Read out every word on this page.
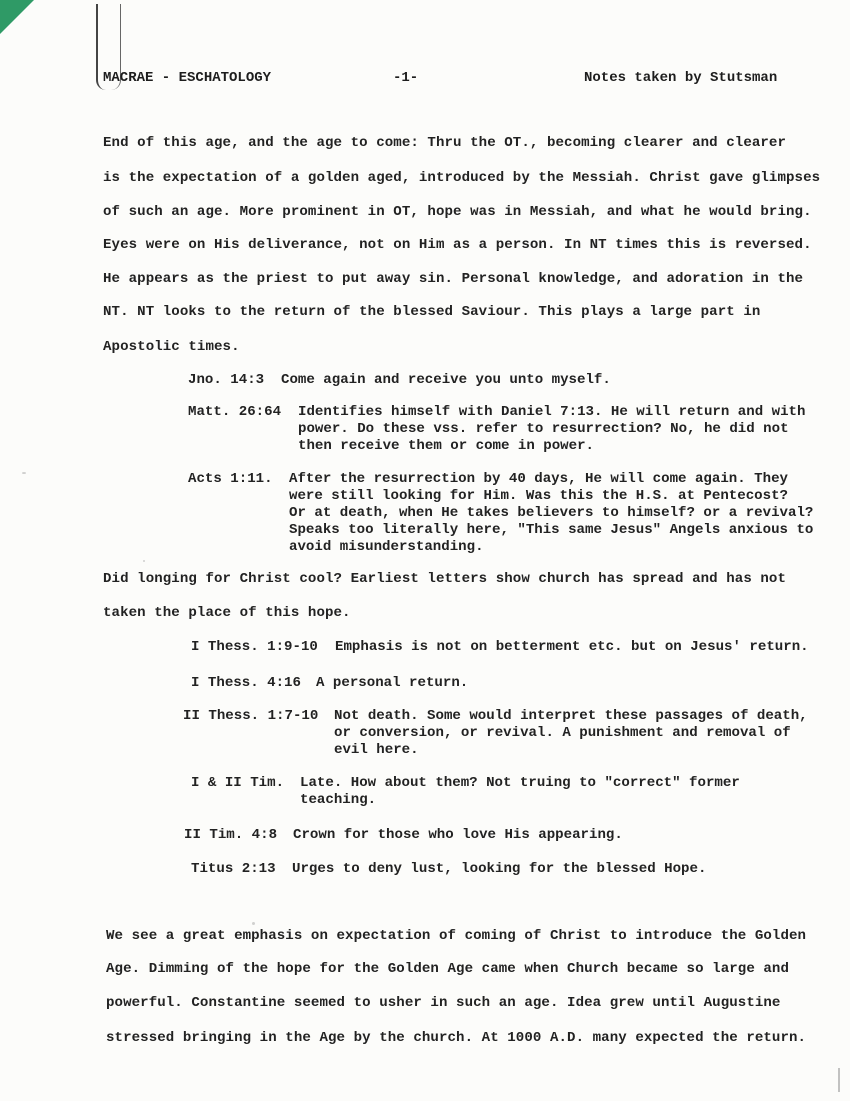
MACRAE - ESCHATOLOGY	-1-	Notes taken by Stutsman

End of this age, and the age to come: Thru the OT., becoming clearer and clearer

is the expectation of a golden aged, introduced by the Messiah. Christ gave glimpses

of such an age. More prominent in OT, hope was in Messiah, and what he would bring.

Eyes were on His deliverance, not on Him as a person. In NT times this is reversed.

He appears as the priest to put away sin. Personal knowledge, and adoration in the

NT. NT looks to the return of the blessed Saviour. This plays a large part in

Apostolic times.

Jno. 14:3 Come again and receive you unto myself.
Matt. 26:64 Identifies himself with Daniel 7:13. He will return and with
power. Do these vss. refer to resurrection? No, he did not
then receive them or come in power.
Acts 1:11. After the resurrection by 40 days, He will come again. They
were still looking for Him. Was this the H.S. at Pentecost?
Or at death, when He takes believers to himself? or a revival?
Speaks too literally here, "This same Jesus" Angels anxious to
avoid misunderstanding.

Did longing for Christ cool? Earliest letters show church has spread and has not

taken the place of this hope.

I Thess. 1:9-10 Emphasis is not on betterment etc. but on Jesus' return.
I Thess. 4:16 A personal return.
II Thess. 1:7-10 Not death. Some would interpret these passages of death,
or conversion, or revival. A punishment and removal of
evil here.
I & II Tim. Late. How about them? Not truing to "correct" former
teaching.
II Tim. 4:8 Crown for those who love His appearing.
Titus 2:13 Urges to deny lust, looking for the blessed Hope.

We see a great emphasis on expectation of coming of Christ to introduce the Golden

Age. Dimming of the hope for the Golden Age came when Church became so large and

powerful. Constantine seemed to usher in such an age. Idea grew until Augustine

stressed bringing in the Age by the church. At 1000 A.D. many expected the return.
